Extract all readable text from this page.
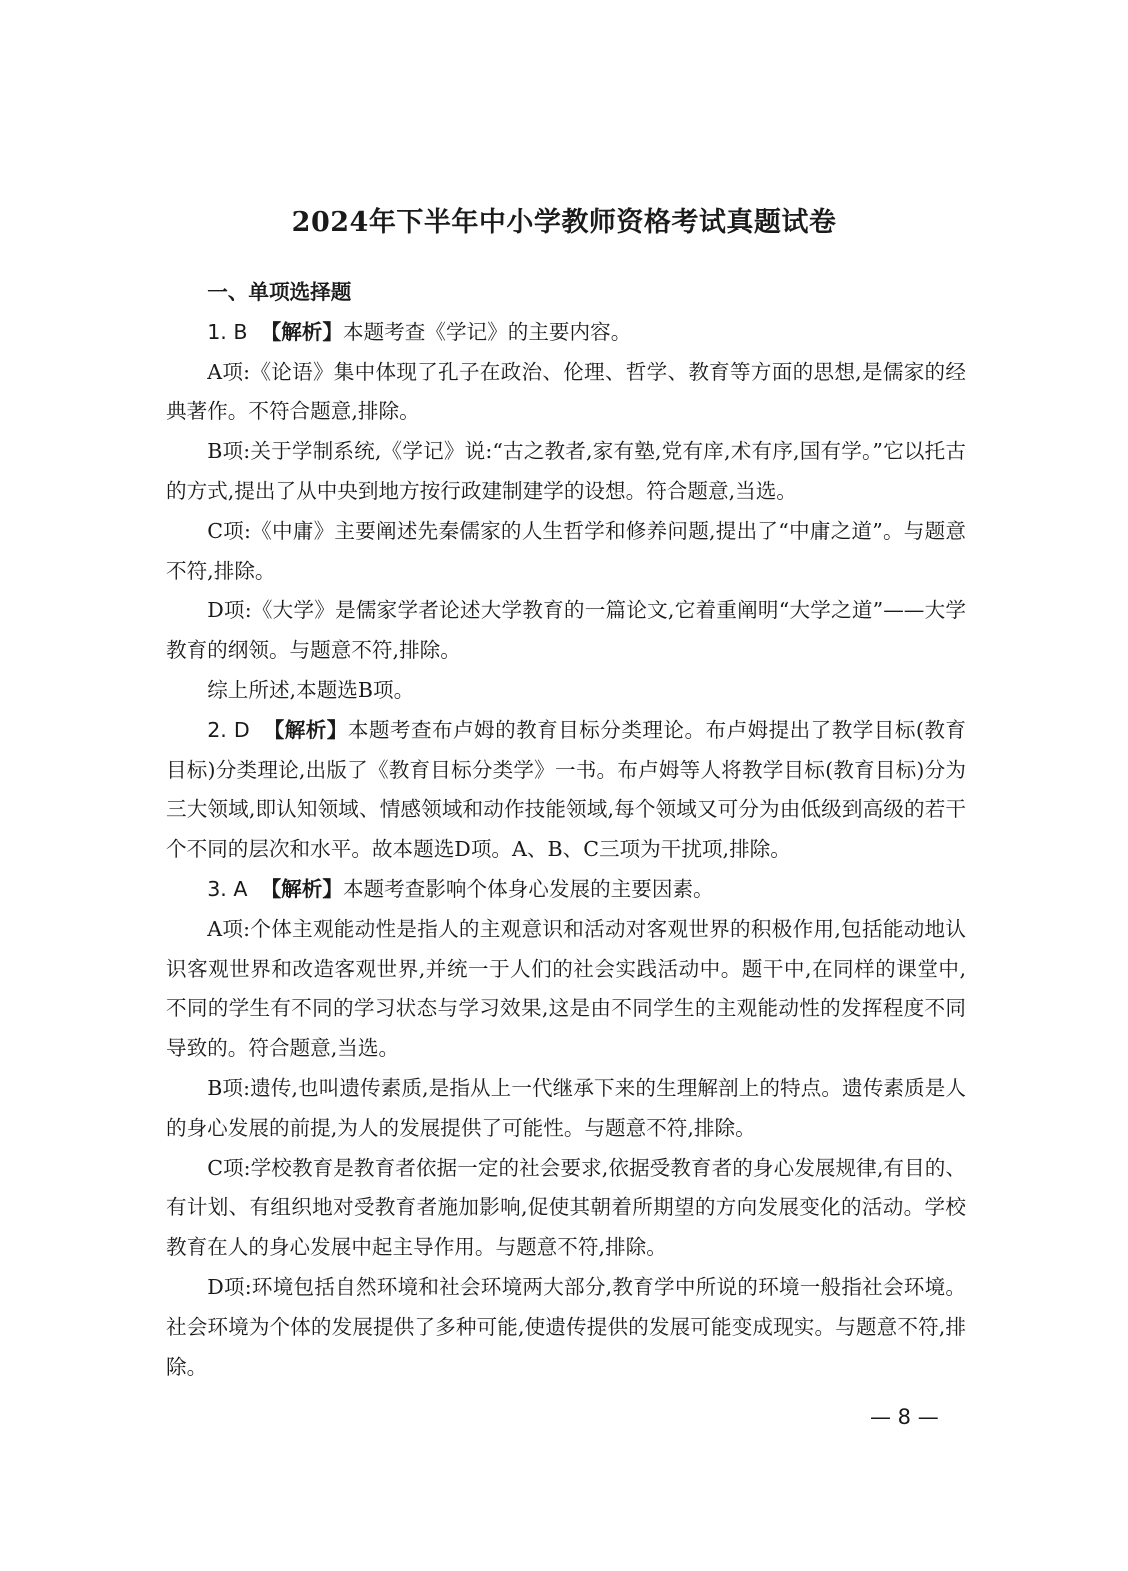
2024年下半年中小学教师资格考试真题试卷

一、单项选择题

1. B 【解析】本题考查《学记》的主要内容。

A项:《论语》集中体现了孔子在政治、伦理、哲学、教育等方面的思想,是儒家的经典著作。不符合题意,排除。

B项:关于学制系统,《学记》说:“古之教者,家有塾,党有庠,术有序,国有学。”它以托古的方式,提出了从中央到地方按行政建制建学的设想。符合题意,当选。

C项:《中庸》主要阐述先秦儒家的人生哲学和修养问题,提出了“中庸之道”。与题意不符,排除。

D项:《大学》是儒家学者论述大学教育的一篇论文,它着重阐明“大学之道”——大学教育的纲领。与题意不符,排除。

综上所述,本题选B项。

2. D 【解析】本题考查布卢姆的教育目标分类理论。布卢姆提出了教学目标(教育目标)分类理论,出版了《教育目标分类学》一书。布卢姆等人将教学目标(教育目标)分为三大领域,即认知领域、情感领域和动作技能领域,每个领域又可分为由低级到高级的若干个不同的层次和水平。故本题选D项。A、B、C三项为干扰项,排除。

3. A 【解析】本题考查影响个体身心发展的主要因素。

A项:个体主观能动性是指人的主观意识和活动对客观世界的积极作用,包括能动地认识客观世界和改造客观世界,并统一于人们的社会实践活动中。题干中,在同样的课堂中,不同的学生有不同的学习状态与学习效果,这是由不同学生的主观能动性的发挥程度不同导致的。符合题意,当选。

B项:遗传,也叫遗传素质,是指从上一代继承下来的生理解剖上的特点。遗传素质是人的身心发展的前提,为人的发展提供了可能性。与题意不符,排除。

C项:学校教育是教育者依据一定的社会要求,依据受教育者的身心发展规律,有目的、有计划、有组织地对受教育者施加影响,促使其朝着所期望的方向发展变化的活动。学校教育在人的身心发展中起主导作用。与题意不符,排除。

D项:环境包括自然环境和社会环境两大部分,教育学中所说的环境一般指社会环境。社会环境为个体的发展提供了多种可能,使遗传提供的发展可能变成现实。与题意不符,排除。

— 8 —
